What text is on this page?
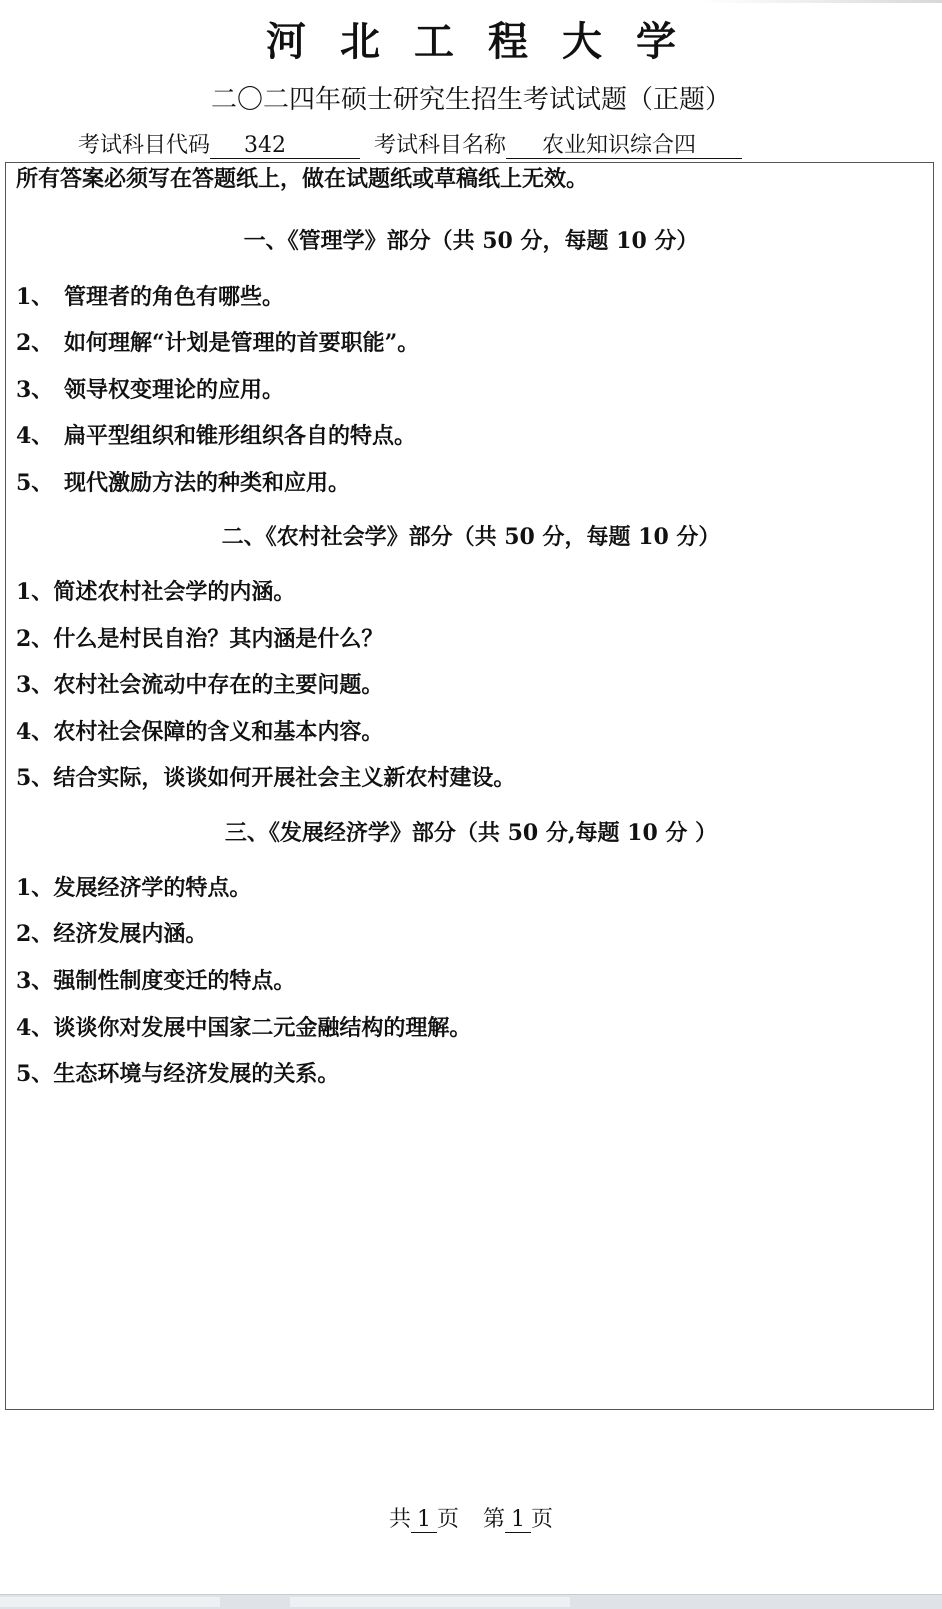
河北工程大学
二〇二四年硕士研究生招生考试试题（正题）
考试科目代码 342	考试科目名称 农业知识综合四
所有答案必须写在答题纸上，做在试题纸或草稿纸上无效。
一、《管理学》部分（共 50 分，每题 10 分）
1、 管理者的角色有哪些。
2、 如何理解“计划是管理的首要职能”。
3、 领导权变理论的应用。
4、 扁平型组织和锥形组织各自的特点。
5、 现代激励方法的种类和应用。
二、《农村社会学》部分（共 50 分，每题 10 分）
1、简述农村社会学的内涵。
2、什么是村民自治？其内涵是什么？
3、农村社会流动中存在的主要问题。
4、农村社会保障的含义和基本内容。
5、结合实际，谈谈如何开展社会主义新农村建设。
三、《发展经济学》部分（共 50 分,每题 10 分 ）
1、发展经济学的特点。
2、经济发展内涵。
3、强制性制度变迁的特点。
4、谈谈你对发展中国家二元金融结构的理解。
5、生态环境与经济发展的关系。
共 1 页 第 1 页
